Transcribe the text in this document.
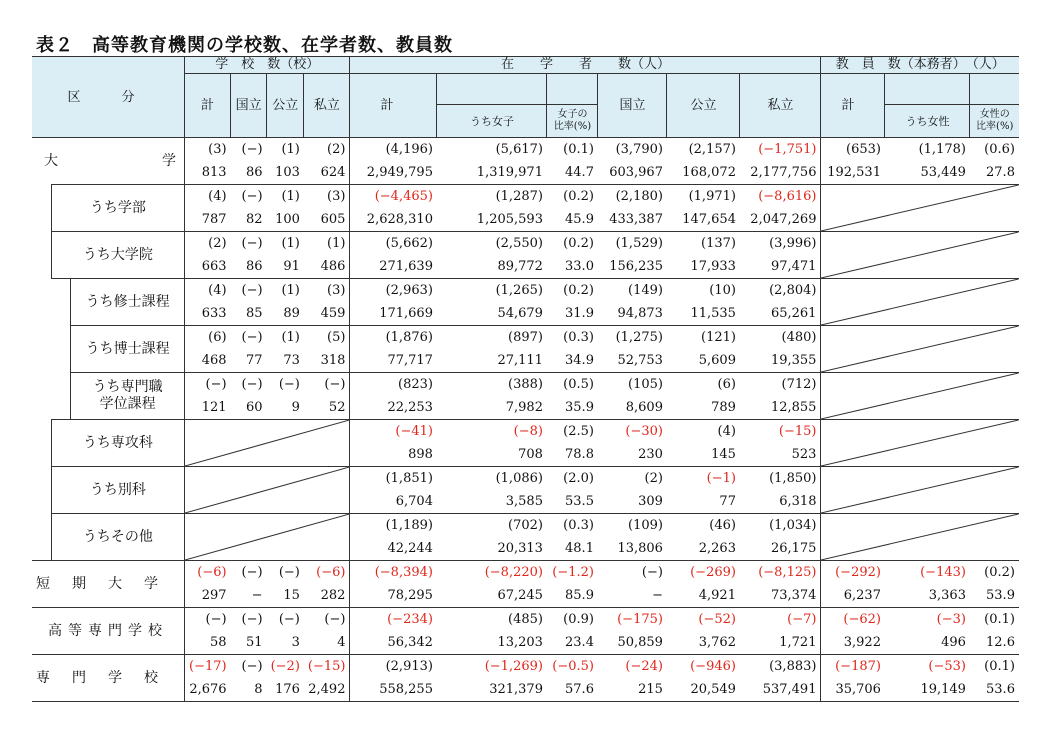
表２ 高等教育機関の学校数、在学者数、教員数
区　分			学　校　数（校）				在　　学　　者　　数（人）						教　員　数（本務者）　（人）		
			計	国立	公立	私立	計			国立	公立	私立	計		
								うち女子	女子の
比率(%)					うち女性	女性の
比率(%)

大 学			(3)	(−)	(1)	(2)	(4,196)	(5,617)	(0.1)	(3,790)	(2,157)	(−1,751)	(653)	(1,178)	(0.6)
			813	86	103	624	2,949,795	1,319,971	44.7	603,967	168,072	2,177,756	192,531	53,449	27.8

	うち学部		(4)	(−)	(1)	(3)	(−4,465)	(1,287)	(0.2)	(2,180)	(1,971)	(−8,616)	

			787	82	100	605	2,628,310	1,205,593	45.9	433,387	147,654	2,047,269			

	うち大学院		(2)	(−)	(1)	(1)	(5,662)	(2,550)	(0.2)	(1,529)	(137)	(3,996)	

			663	86	91	486	271,639	89,772	33.0	156,235	17,933	97,471			

		うち修士課程	(4)	(−)	(1)	(3)	(2,963)	(1,265)	(0.2)	(149)	(10)	(2,804)	

			633	85	89	459	171,669	54,679	31.9	94,873	11,535	65,261			

		うち博士課程	(6)	(−)	(1)	(5)	(1,876)	(897)	(0.3)	(1,275)	(121)	(480)	

			468	77	73	318	77,717	27,111	34.9	52,753	5,609	19,355			

		うち専門職
学位課程	(−)	(−)	(−)	(−)	(823)	(388)	(0.5)	(105)	(6)	(712)	

			121	60	9	52	22,253	7,982	35.9	8,609	789	12,855			

	うち専攻科						(−41)	(−8)	(2.5)	(−30)	(4)	(−15)	

							898	708	78.8	230	145	523			

	うち別科						(1,851)	(1,086)	(2.0)	(2)	(−1)	(1,850)	

							6,704	3,585	53.5	309	77	6,318			

	うちその他						(1,189)	(702)	(0.3)	(109)	(46)	(1,034)	

							42,244	20,313	48.1	13,806	2,263	26,175			

短期大学			(−6)	(−)	(−)	(−6)	(−8,394)	(−8,220)	(−1.2)	(−)	(−269)	(−8,125)	(−292)	(−143)	(0.2)
			297	−	15	282	78,295	67,245	85.9	−	4,921	73,374	6,237	3,363	53.9

高等専門学校			(−)	(−)	(−)	(−)	(−234)	(485)	(0.9)	(−175)	(−52)	(−7)	(−62)	(−3)	(0.1)
			58	51	3	4	56,342	13,203	23.4	50,859	3,762	1,721	3,922	496	12.6

専門学校			(−17)	(−)	(−2)	(−15)	(2,913)	(−1,269)	(−0.5)	(−24)	(−946)	(3,883)	(−187)	(−53)	(0.1)
			2,676	8	176	2,492	558,255	321,379	57.6	215	20,549	537,491	35,706	19,149	53.6
